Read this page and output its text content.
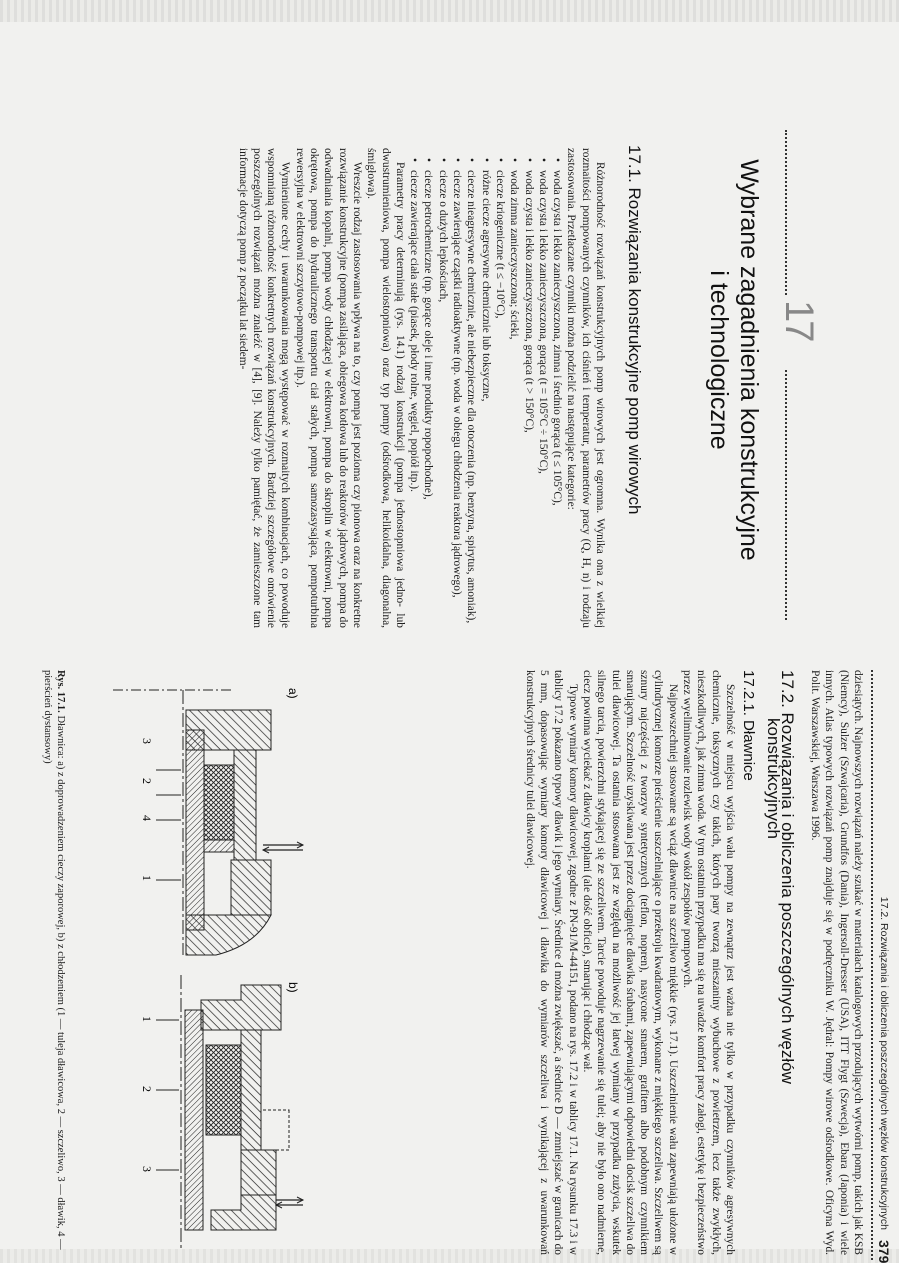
17
Wybrane zagadnienia konstrukcyjne
i technologiczne
17.1. Rozwiązania konstrukcyjne pomp wirowych

Różnorodność rozwiązań konstrukcyjnych pomp wirowych jest ogromna. Wynika ona z wielkiej rozmaitości pompowanych czynników, ich ciśnień i temperatur, parametrów pracy (Q, H, n) i rodzaju zastosowania. Przetłaczane czynniki można podzielić na następujące kategorie:

• woda czysta i lekko zanieczyszczona, zimna i średnio gorąca (t ≤ 105°C),
• woda czysta i lekko zanieczyszczona, gorąca (t = 105°C ÷ 150°C),
• woda czysta i lekko zanieczyszczona, gorąca (t > 150°C),
• woda zimna zanieczyszczona; ścieki,
• ciecze kriogeniczne (t ≤ −10°C),
• różne ciecze agresywne chemicznie lub toksyczne,
• ciecze nieagresywne chemicznie, ale niebezpieczne dla otoczenia (np. benzyna, spirytus, amoniak),
• ciecze zawierające cząstki radioaktywne (np. woda w obiegu chłodzenia reaktora jądrowego),
• ciecze o dużych lepkościach,
• ciecze petrochemiczne (np. gorące oleje i inne produkty ropopochodne),
• ciecze zawierające ciała stałe (piasek, płody rolne, węgiel, popiół itp.).

Parametry pracy determinują (rys. 14.1) rodzaj konstrukcji (pompa jednostopniowa jedno- lub dwustrumieniowa, pompa wielostopniowa) oraz typ pompy (odśrodkowa, helikoidalna, diagonalna, śmigłowa).

Wreszcie rodzaj zastosowania wpływa na to, czy pompa jest pozioma czy pionowa oraz na konkretne rozwiązanie konstrukcyjne (pompa zasilająca, obiegowa kotłowa lub do reaktorów jądrowych, pompa do odwadniania kopalni, pompa wody chłodzącej w elektrowni, pompa do skroplin w elektrowni, pompa okrętowa, pompa do hydraulicznego transportu ciał stałych, pompa samozasysająca, pompoturbina rewersyjna w elektrowni szczytowo-pompowej itp.).

Wymienione cechy i uwarunkowania mogą występować w rozmaitych kombinacjach, co powoduje wspomnianą różnorodność konkretnych rozwiązań konstrukcyjnych. Bardziej szczegółowe omówienie poszczególnych rozwiązań można znaleźć w [4], [9]. Należy tylko pamiętać, że zamieszczone tam informacje dotyczą pomp z początku lat siedem-

17.2. Rozwiązania i obliczenia poszczególnych węzłów konstrukcyjnych
379

dziesiątych. Najnowszych rozwiązań należy szukać w materiałach katalogowych przodujących wytwórni pomp, takich jak KSB (Niemcy), Sulzer (Szwajcaria), Grundfos (Dania), Ingersoll-Dresser (USA), ITT Flygt (Szwecja), Ebara (Japonia) i wiele innych. Atlas typowych rozwiązań pomp znajduje się w podręczniku W. Jędral: Pompy wirowe odśrodkowe. Oficyna Wyd. Polit. Warszawskiej, Warszawa 1996.

17.2. Rozwiązania i obliczenia poszczególnych węzłów
konstrukcyjnych
17.2.1. Dławnice

Szczelność w miejscu wyjścia wału pompy na zewnątrz jest ważna nie tylko w przypadku czynników agresywnych chemicznie, toksycznych czy takich, których pary tworzą mieszaniny wybuchowe z powietrzem, lecz także zwykłych, nieszkodliwych, jak zimna woda. W tym ostatnim przypadku ma się na uwadze komfort pracy załogi, estetykę i bezpieczeństwo przez wyeliminowanie rozlewisk wody wokół zespołów pompowych.

Najpowszechniej stosowane są wciąż dławnice na szczeliwo miękkie (rys. 17.1). Uszczelnienie wału zapewniają ułożone w cylindrycznej komorze pierścienie uszczelniające o przekroju kwadratowym, wykonane z miękkiego szczeliwa. Szczeliwem są sznury najczęściej z tworzyw syntetycznych (teflon, nopren), nasycone smarem, grafitem albo podobnym czynnikiem smarującym. Szczelność uzyskiwana jest przez dociągnięcie dławika śrubami, zapewniającymi odpowiedni docisk szczeliwa do tulei dławicowej. Ta ostatnia stosowana jest ze względu na możliwość jej łatwej wymiany w przypadku zużycia, wskutek silnego tarcia, powierzchni stykającej się ze szczeliwem. Tarcie powoduje nagrzewanie się tulei; aby nie było ono nadmierne, ciecz powinna wyciekać z dławicy kroplami (ale dość obficie), smarując i chłodząc wał.

Typowe wymiary komory dławicowej, zgodne z PN-91/M-44151, podano na rys. 17.2 i w tablicy 17.1. Na rysunku 17.3 i w tablicy 17.2 pokazano typowy dławik i jego wymiary. Średnice d można zwiększać, a średnice D — zmniejszać w granicach do 5 mm, dopasowując wymiary komory dławicowej i dławika do wymiarów szczeliwa i wynikającej z uwarunkowań konstrukcyjnych średnicy tulei dławicowej.

a)
3
2
4
1
b)
1
2
3
Rys. 17.1. Dławnica: a) z doprowadzeniem cieczy zaporowej, b) z chłodzeniem (1 — tuleja dławicowa, 2 — szczeliwo, 3 — dławik, 4 — pierścień dystansowy)
